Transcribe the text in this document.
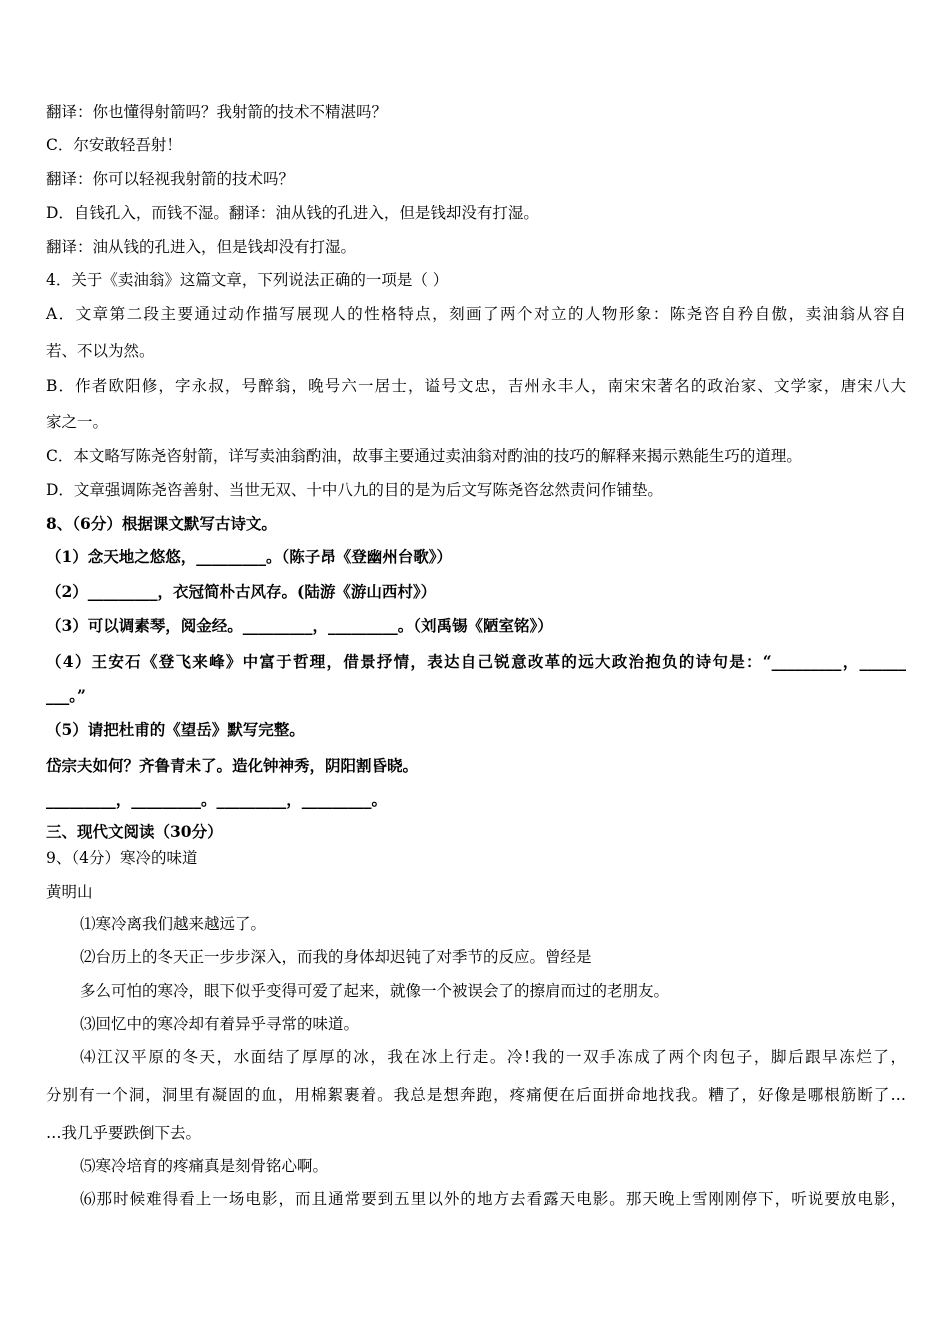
翻译：你也懂得射箭吗？我射箭的技术不精湛吗？
C．尔安敢轻吾射！
翻译：你可以轻视我射箭的技术吗？
D．自钱孔入，而钱不湿。翻译：油从钱的孔进入，但是钱却没有打湿。
翻译：油从钱的孔进入，但是钱却没有打湿。
4．关于《卖油翁》这篇文章，下列说法正确的一项是（ ）
A．文章第二段主要通过动作描写展现人的性格特点，刻画了两个对立的人物形象：陈尧咨自矜自傲，卖油翁从容自
若、不以为然。
B．作者欧阳修，字永叔，号醉翁，晚号六一居士，谥号文忠，吉州永丰人，南宋宋著名的政治家、文学家，唐宋八大
家之一。
C．本文略写陈尧咨射箭，详写卖油翁酌油，故事主要通过卖油翁对酌油的技巧的解释来揭示熟能生巧的道理。
D．文章强调陈尧咨善射、当世无双、十中八九的目的是为后文写陈尧咨忿然责问作铺垫。
8、（6分）根据课文默写古诗文。
（1）念天地之悠悠，_________。（陈子昂《登幽州台歌》）
（2）_________，衣冠简朴古风存。(陆游《游山西村》）
（3）可以调素琴，阅金经。_________，_________。（刘禹锡《陋室铭》）
（4）王安石《登飞来峰》中富于哲理，借景抒情，表达自己锐意改革的远大政治抱负的诗句是：“_________，______
___。”
（5）请把杜甫的《望岳》默写完整。
岱宗夫如何？齐鲁青未了。造化钟神秀，阴阳割昏晓。
_________，_________。_________，_________。
三、现代文阅读（30分）
9、（4分）寒冷的味道
黄明山
⑴寒冷离我们越来越远了。
⑵台历上的冬天正一步步深入，而我的身体却迟钝了对季节的反应。曾经是
多么可怕的寒冷，眼下似乎变得可爱了起来，就像一个被误会了的擦肩而过的老朋友。
⑶回忆中的寒冷却有着异乎寻常的味道。
⑷江汉平原的冬天，水面结了厚厚的冰，我在冰上行走。冷!我的一双手冻成了两个肉包子，脚后跟早冻烂了，
分别有一个洞，洞里有凝固的血，用棉絮裹着。我总是想奔跑，疼痛便在后面拼命地找我。糟了，好像是哪根筋断了…
…我几乎要跌倒下去。
⑸寒冷培育的疼痛真是刻骨铭心啊。
⑹那时候难得看上一场电影，而且通常要到五里以外的地方去看露天电影。那天晚上雪刚刚停下，听说要放电影，
